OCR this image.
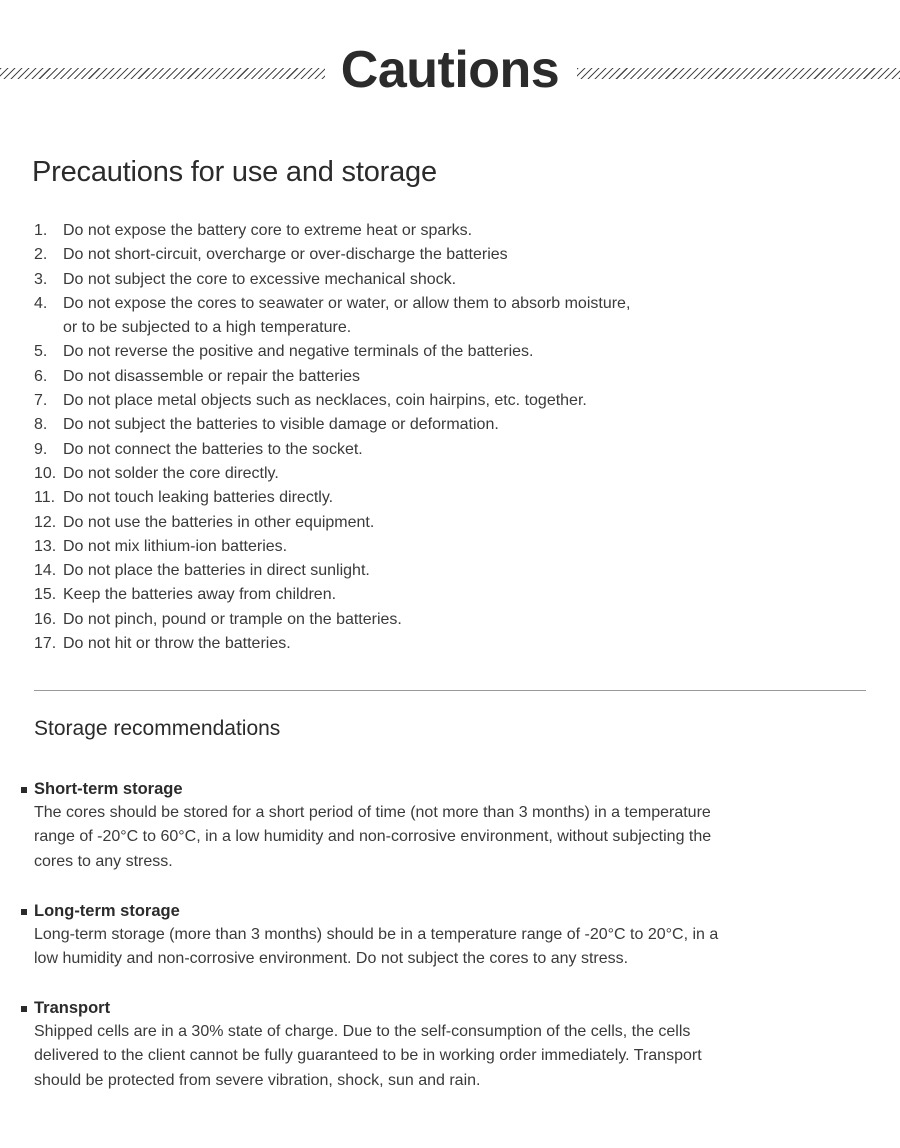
Cautions
Precautions for use and storage
1. Do not expose the battery core to extreme heat or sparks.
2. Do not short-circuit, overcharge or over-discharge the batteries
3. Do not subject the core to excessive mechanical shock.
4. Do not expose the cores to seawater or water, or allow them to absorb moisture,
or to be subjected to a high temperature.
5. Do not reverse the positive and negative terminals of the batteries.
6. Do not disassemble or repair the batteries
7. Do not place metal objects such as necklaces, coin hairpins, etc. together.
8. Do not subject the batteries to visible damage or deformation.
9. Do not connect the batteries to the socket.
10. Do not solder the core directly.
11. Do not touch leaking batteries directly.
12. Do not use the batteries in other equipment.
13. Do not mix lithium-ion batteries.
14. Do not place the batteries in direct sunlight.
15. Keep the batteries away from children.
16. Do not pinch, pound or trample on the batteries.
17. Do not hit or throw the batteries.
Storage recommendations
Short-term storage
The cores should be stored for a short period of time (not more than 3 months) in a temperature
range of -20°C to 60°C, in a low humidity and non-corrosive environment, without subjecting the
cores to any stress.
Long-term storage
Long-term storage (more than 3 months) should be in a temperature range of -20°C to 20°C, in a
low humidity and non-corrosive environment. Do not subject the cores to any stress.
Transport
Shipped cells are in a 30% state of charge. Due to the self-consumption of the cells, the cells
delivered to the client cannot be fully guaranteed to be in working order immediately. Transport
should be protected from severe vibration, shock, sun and rain.
